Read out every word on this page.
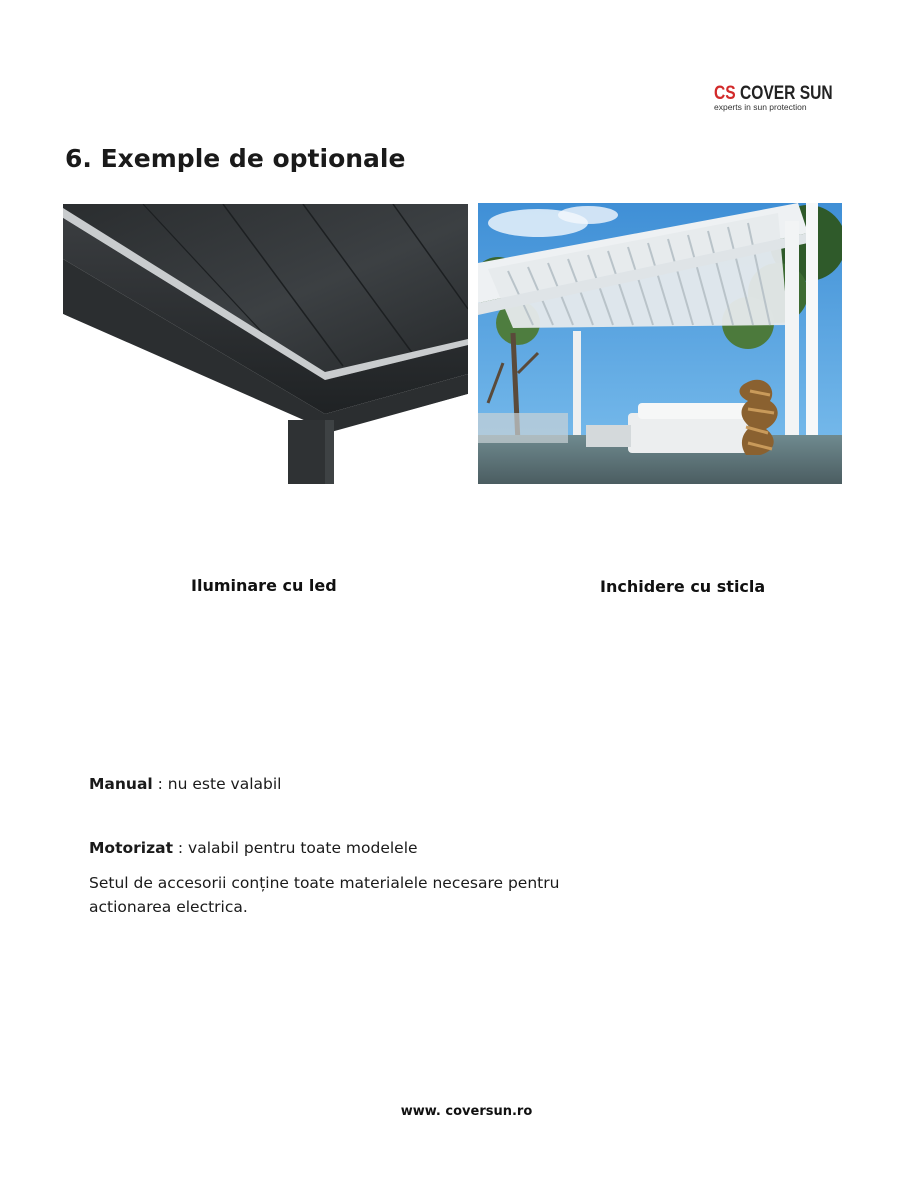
CS COVER SUN
experts in sun protection
6. Exemple de optionale
Iluminare cu led	Inchidere cu sticla
Manual : nu este valabil
Motorizat : valabil pentru toate modelele
Setul de accesorii conține toate materialele necesare pentru
actionarea electrica.
www. coversun.ro
